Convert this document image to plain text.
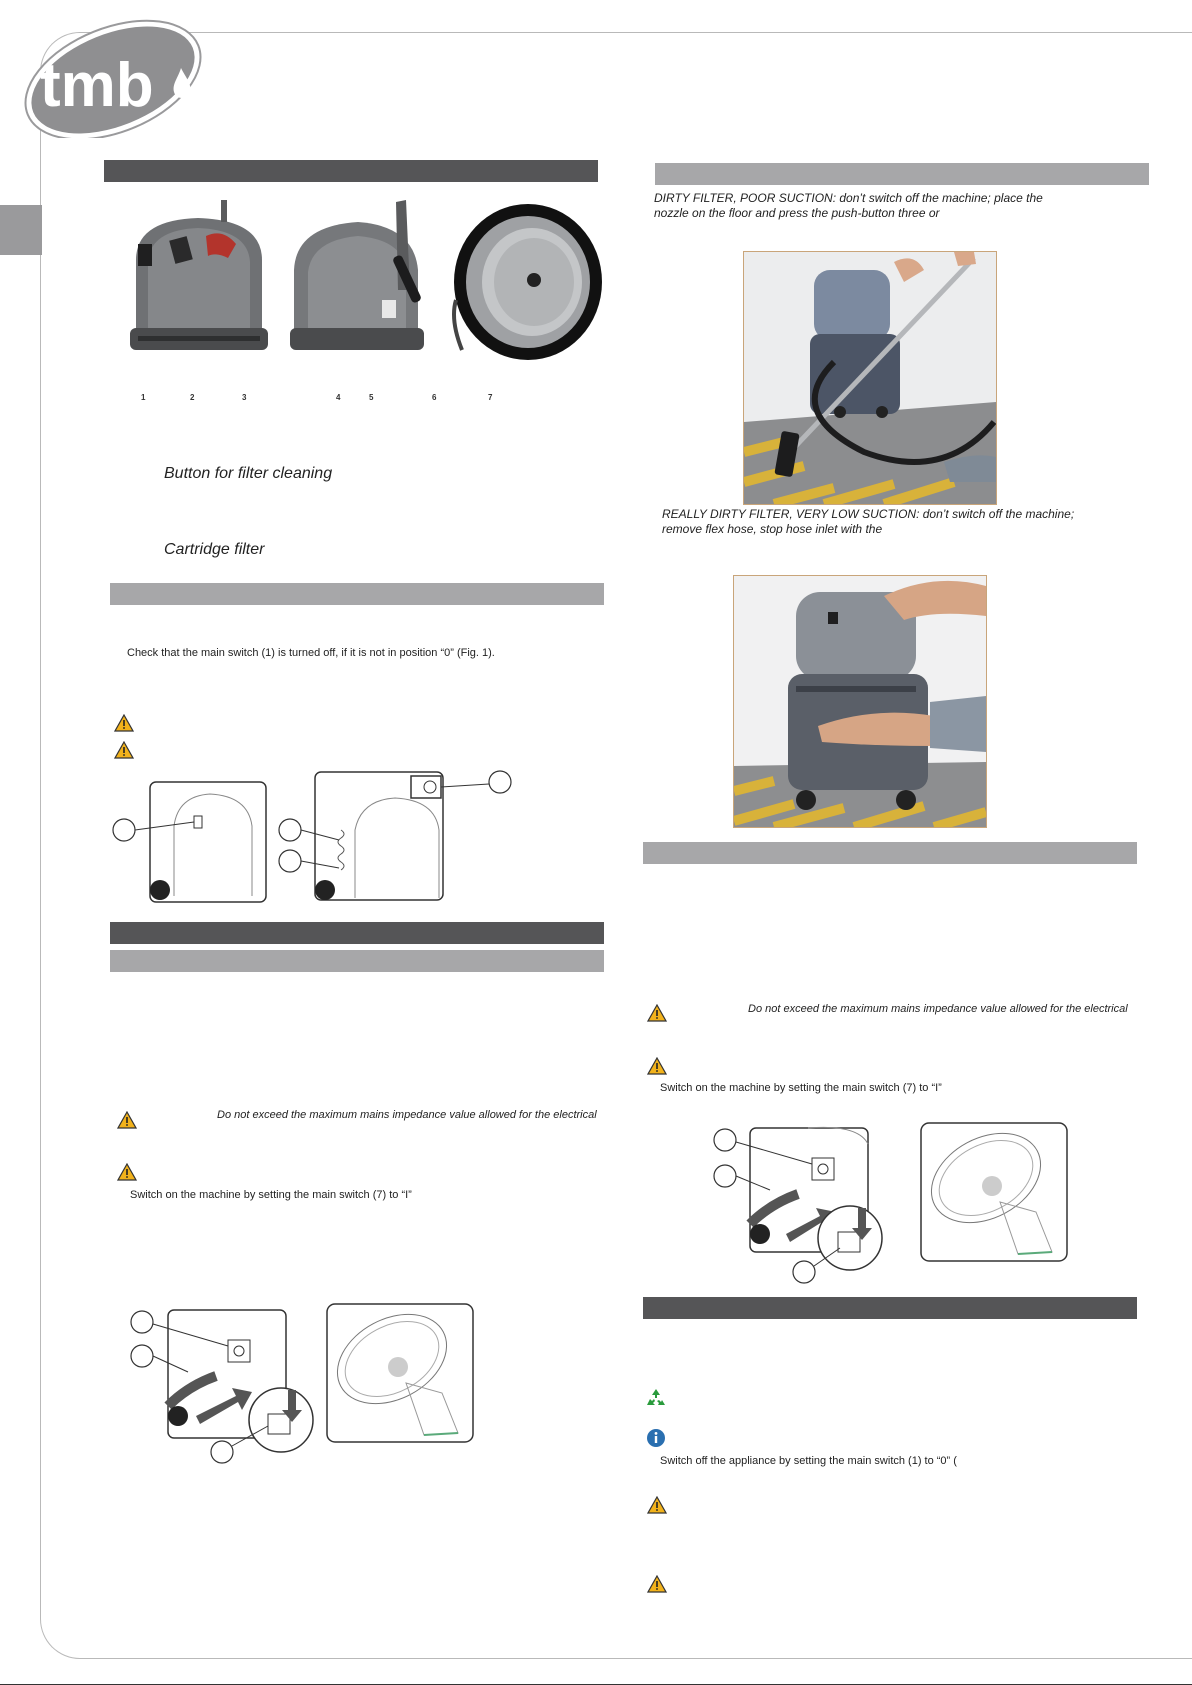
tmb
1	2	3	4	5	6	7
Button for filter cleaning
Cartridge filter
Check that the main switch (1) is turned off, if it is not in position “0” (Fig. 1).
Do not exceed the maximum mains impedance value allowed for the electrical
Switch on the machine by setting the main switch (7) to “I”
DIRTY FILTER, POOR SUCTION: don’t switch off the machine; place the
nozzle on the floor and press the push-button three or
REALLY DIRTY FILTER, VERY LOW SUCTION: don’t switch off the machine;
remove flex hose, stop hose inlet with the
Do not exceed the maximum mains impedance value allowed for the electrical
Switch on the machine by setting the main switch (7) to “I”
Switch off the appliance by setting the main switch (1) to “0” (
